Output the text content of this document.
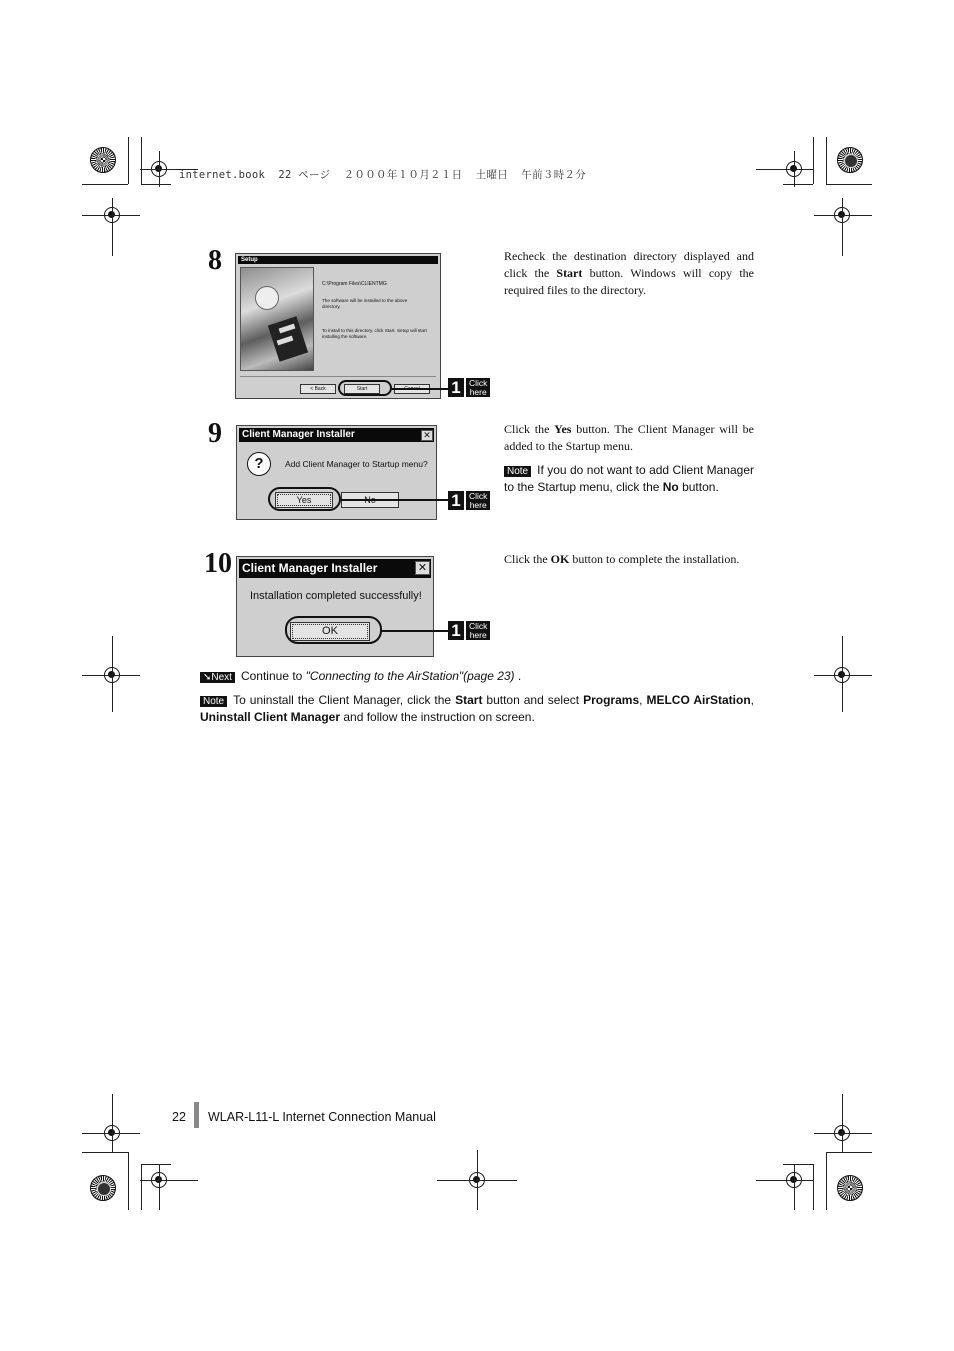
internet.book  22 ページ  ２０００年１０月２１日  土曜日  午前３時２分
8	Setup
C:\Program Files\CLIENTMG
The software will be installed to the above directory.
To install to this directory, click Start. Setup will start installing the software.
< Back	Start	1 Click
here
Recheck the destination directory displayed and click the Start button. Windows will copy the required files to the directory.
9	Client Manager Installer	✕
?	Add Client Manager to Startup menu?
Yes	1 Click
here
Click the Yes button. The Client Manager will be added to the Startup menu.
Note If you do not want to add Client Manager to the Startup menu, click the No button.
10 Client Manager Installer	✕
Installation completed successfully!
OK	1 Click
here
Click the OK button to complete the installation.
➘Next Continue to "Connecting to the AirStation"(page 23) .
Note To uninstall the Client Manager, click the Start button and select Programs, MELCO AirStation, Uninstall Client Manager and follow the instruction on screen.
22 WLAR-L11-L Internet Connection Manual
